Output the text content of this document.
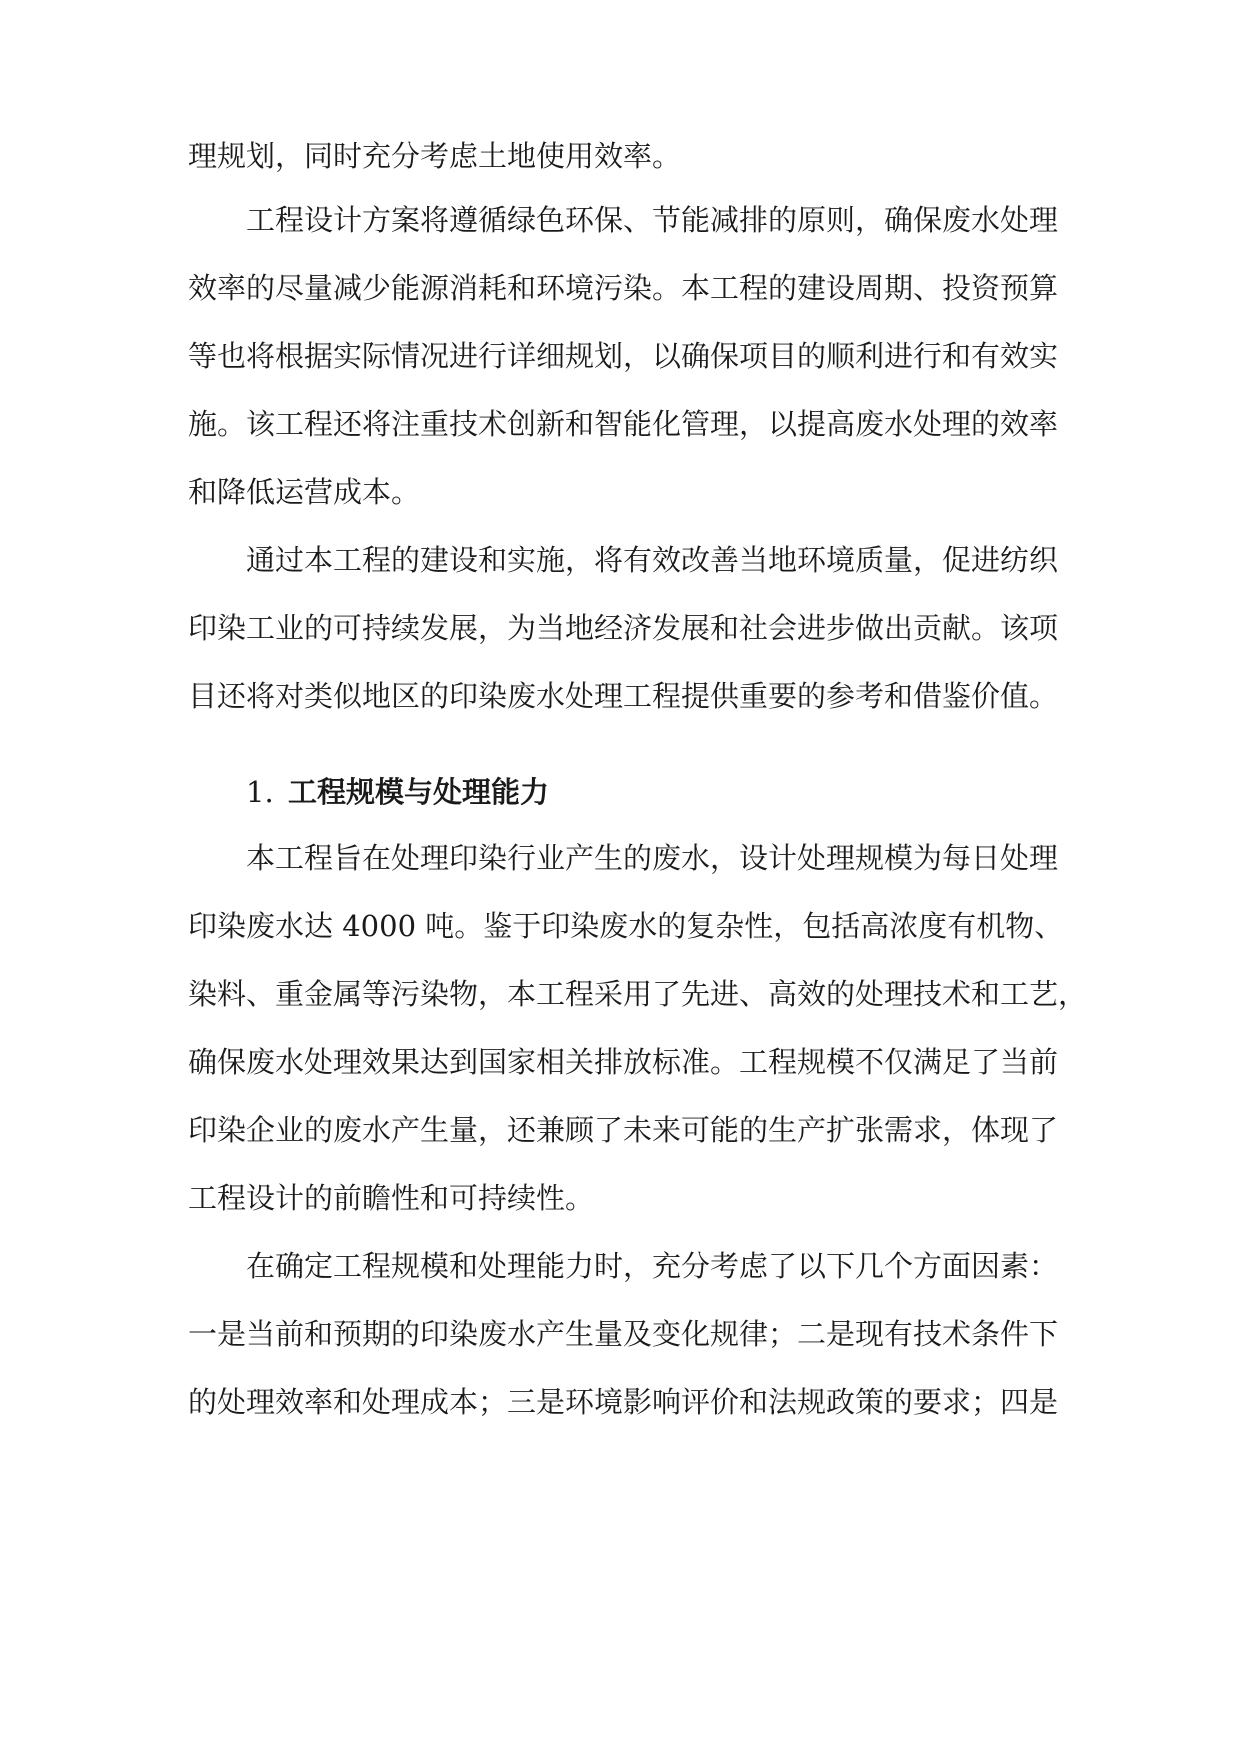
理规划，同时充分考虑土地使用效率。
工程设计方案将遵循绿色环保、节能减排的原则，确保废水处理
效率的尽量减少能源消耗和环境污染。本工程的建设周期、投资预算
等也将根据实际情况进行详细规划，以确保项目的顺利进行和有效实
施。该工程还将注重技术创新和智能化管理，以提高废水处理的效率
和降低运营成本。
通过本工程的建设和实施，将有效改善当地环境质量，促进纺织
印染工业的可持续发展，为当地经济发展和社会进步做出贡献。该项
目还将对类似地区的印染废水处理工程提供重要的参考和借鉴价值。
1. 工程规模与处理能力
本工程旨在处理印染行业产生的废水，设计处理规模为每日处理
印染废水达 4000 吨。鉴于印染废水的复杂性，包括高浓度有机物、
染料、重金属等污染物，本工程采用了先进、高效的处理技术和工艺，
确保废水处理效果达到国家相关排放标准。工程规模不仅满足了当前
印染企业的废水产生量，还兼顾了未来可能的生产扩张需求，体现了
工程设计的前瞻性和可持续性。
在确定工程规模和处理能力时，充分考虑了以下几个方面因素：
一是当前和预期的印染废水产生量及变化规律；二是现有技术条件下
的处理效率和处理成本；三是环境影响评价和法规政策的要求；四是
